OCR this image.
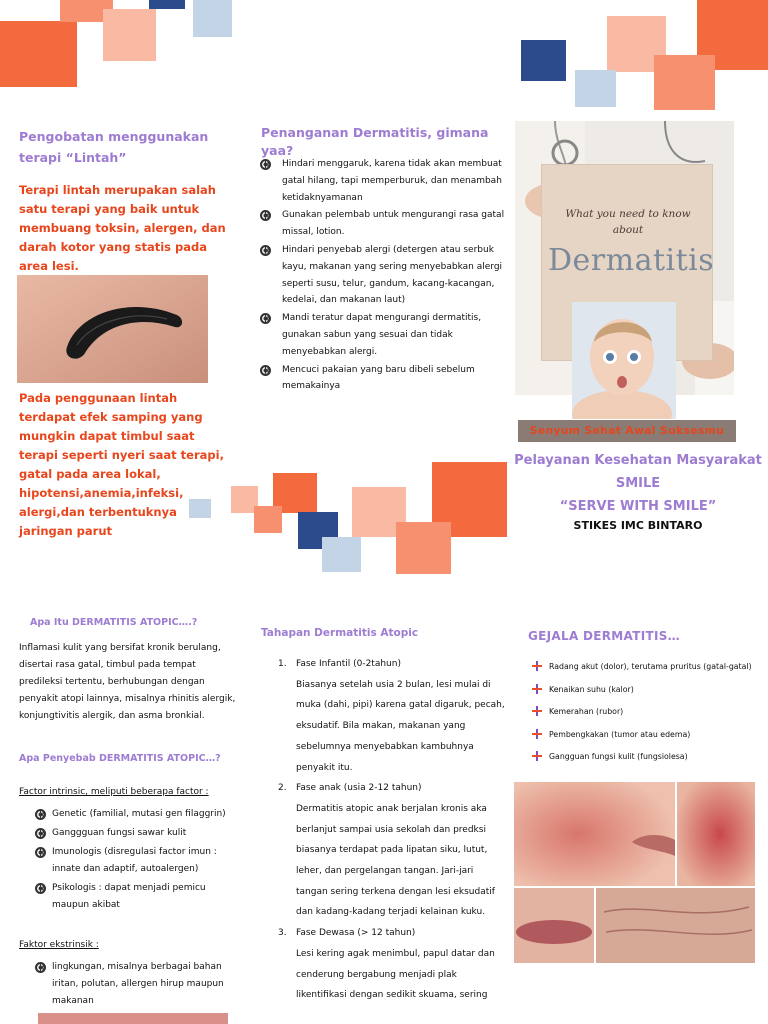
Pengobatan menggunakan terapi “Lintah”
Terapi lintah merupakan salah satu terapi yang baik untuk membuang toksin, alergen, dan darah kotor yang statis pada area lesi.
Pada penggunaan lintah terdapat efek samping yang mungkin dapat timbul saat terapi seperti nyeri saat terapi, gatal pada area lokal, hipotensi,anemia,infeksi, alergi,dan terbentuknya jaringan parut
Penanganan Dermatitis, gimana yaa?
Hindari menggaruk, karena tidak akan membuat gatal hilang, tapi memperburuk, dan menambah ketidaknyamanan
Gunakan pelembab untuk mengurangi rasa gatal missal, lotion.
Hindari penyebab alergi (detergen atau serbuk kayu, makanan yang sering menyebabkan alergi seperti susu, telur, gandum, kacang-kacangan, kedelai, dan makanan laut)
Mandi teratur dapat mengurangi dermatitis, gunakan sabun yang sesuai dan tidak menyebabkan alergi.
Mencuci pakaian yang baru dibeli sebelum memakainya
What you need to know
about
Dermatitis
Senyum Sehat Awal Suksesmu
Pelayanan Kesehatan Masyarakat
SMILE
“SERVE WITH SMILE”
STIKES IMC BINTARO
Apa Itu DERMATITIS ATOPIC….?
Inflamasi kulit yang bersifat kronik berulang, disertai rasa gatal, timbul pada tempat predileksi tertentu, berhubungan dengan penyakit atopi lainnya, misalnya rhinitis alergik, konjungtivitis alergik, dan asma bronkial.
Apa Penyebab DERMATITIS ATOPIC…?
Factor intrinsic, meliputi beberapa factor :
Genetic (familial, mutasi gen filaggrin)
Ganggguan fungsi sawar kulit
Imunologis (disregulasi factor imun : innate dan adaptif, autoalergen)
Psikologis : dapat menjadi pemicu maupun akibat
Faktor ekstrinsik :
lingkungan, misalnya berbagai bahan iritan, polutan, allergen hirup maupun makanan
Tahapan Dermatitis Atopic
1. Fase Infantil (0-2tahun)
Biasanya setelah usia 2 bulan, lesi mulai di muka (dahi, pipi) karena gatal digaruk, pecah, eksudatif. Bila makan, makanan yang sebelumnya menyebabkan kambuhnya penyakit itu.
2. Fase anak (usia 2-12 tahun)
Dermatitis atopic anak berjalan kronis aka berlanjut sampai usia sekolah dan predksi biasanya terdapat pada lipatan siku, lutut, leher, dan pergelangan tangan. Jari-jari tangan sering terkena dengan lesi eksudatif dan kadang-kadang terjadi kelainan kuku.
3. Fase Dewasa (> 12 tahun)
Lesi kering agak menimbul, papul datar dan cenderung bergabung menjadi plak likentifikasi dengan sedikit skuama, sering
GEJALA DERMATITIS…
Radang akut (dolor), terutama pruritus (gatal-gatal)
Kenaikan suhu (kalor)
Kemerahan (rubor)
Pembengkakan (tumor atau edema)
Gangguan fungsi kulit (fungsiolesa)
